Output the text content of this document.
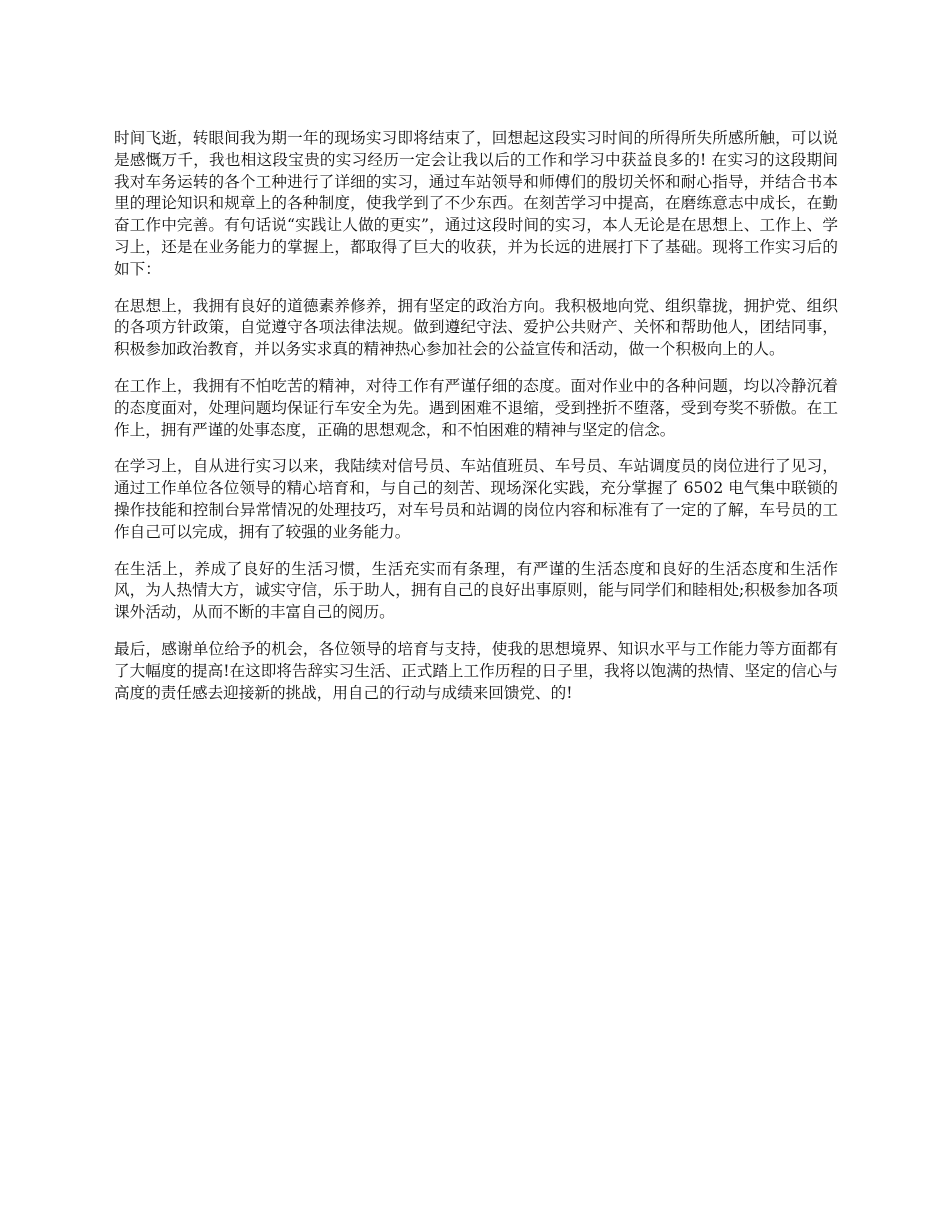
时间飞逝，转眼间我为期一年的现场实习即将结束了，回想起这段实习时间的所得所失所感所触，可以说是感慨万千，我也相这段宝贵的实习经历一定会让我以后的工作和学习中获益良多的! 在实习的这段期间我对车务运转的各个工种进行了详细的实习，通过车站领导和师傅们的殷切关怀和耐心指导，并结合书本里的理论知识和规章上的各种制度，使我学到了不少东西。在刻苦学习中提高，在磨练意志中成长，在勤奋工作中完善。有句话说“实践让人做的更实”，通过这段时间的实习，本人无论是在思想上、工作上、学习上，还是在业务能力的掌握上，都取得了巨大的收获，并为长远的进展打下了基础。现将工作实习后的如下：

在思想上，我拥有良好的道德素养修养，拥有坚定的政治方向。我积极地向党、组织靠拢，拥护党、组织的各项方针政策，自觉遵守各项法律法规。做到遵纪守法、爱护公共财产、关怀和帮助他人，团结同事，积极参加政治教育，并以务实求真的精神热心参加社会的公益宣传和活动，做一个积极向上的人。

在工作上，我拥有不怕吃苦的精神，对待工作有严谨仔细的态度。面对作业中的各种问题，均以冷静沉着的态度面对，处理问题均保证行车安全为先。遇到困难不退缩，受到挫折不堕落，受到夸奖不骄傲。在工作上，拥有严谨的处事态度，正确的思想观念，和不怕困难的精神与坚定的信念。

在学习上，自从进行实习以来，我陆续对信号员、车站值班员、车号员、车站调度员的岗位进行了见习，通过工作单位各位领导的精心培育和，与自己的刻苦、现场深化实践，充分掌握了 6502 电气集中联锁的操作技能和控制台异常情况的处理技巧，对车号员和站调的岗位内容和标准有了一定的了解，车号员的工作自己可以完成，拥有了较强的业务能力。

在生活上，养成了良好的生活习惯，生活充实而有条理，有严谨的生活态度和良好的生活态度和生活作风，为人热情大方，诚实守信，乐于助人，拥有自己的良好出事原则，能与同学们和睦相处;积极参加各项课外活动，从而不断的丰富自己的阅历。

最后，感谢单位给予的机会，各位领导的培育与支持，使我的思想境界、知识水平与工作能力等方面都有了大幅度的提高!在这即将告辞实习生活、正式踏上工作历程的日子里，我将以饱满的热情、坚定的信心与高度的责任感去迎接新的挑战，用自己的行动与成绩来回馈党、的!
